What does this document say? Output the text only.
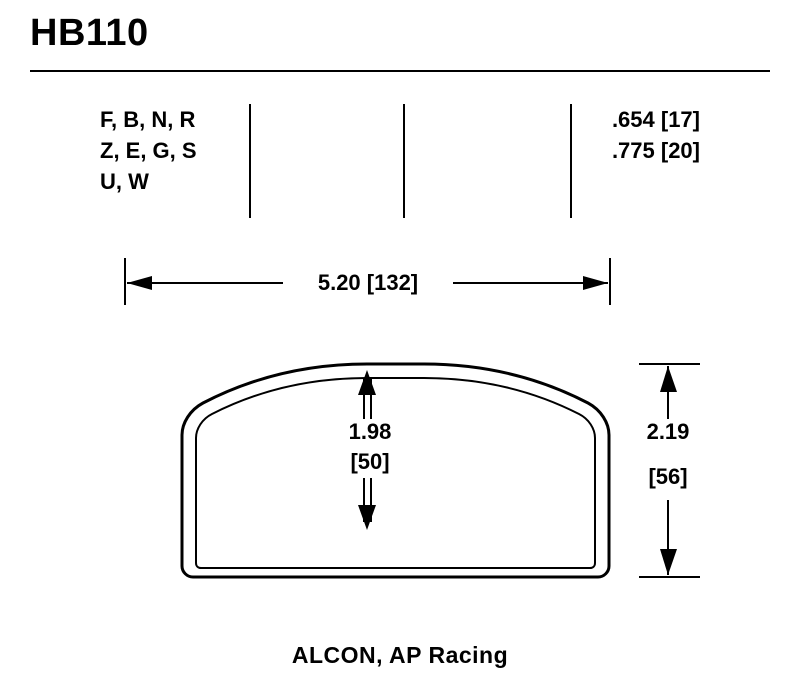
HB110
F, B, N, R
Z, E, G, S
U, W
.654 [17]
.775 [20]
5.20 [132]
1.98
[50]
2.19
[56]
ALCON, AP Racing
